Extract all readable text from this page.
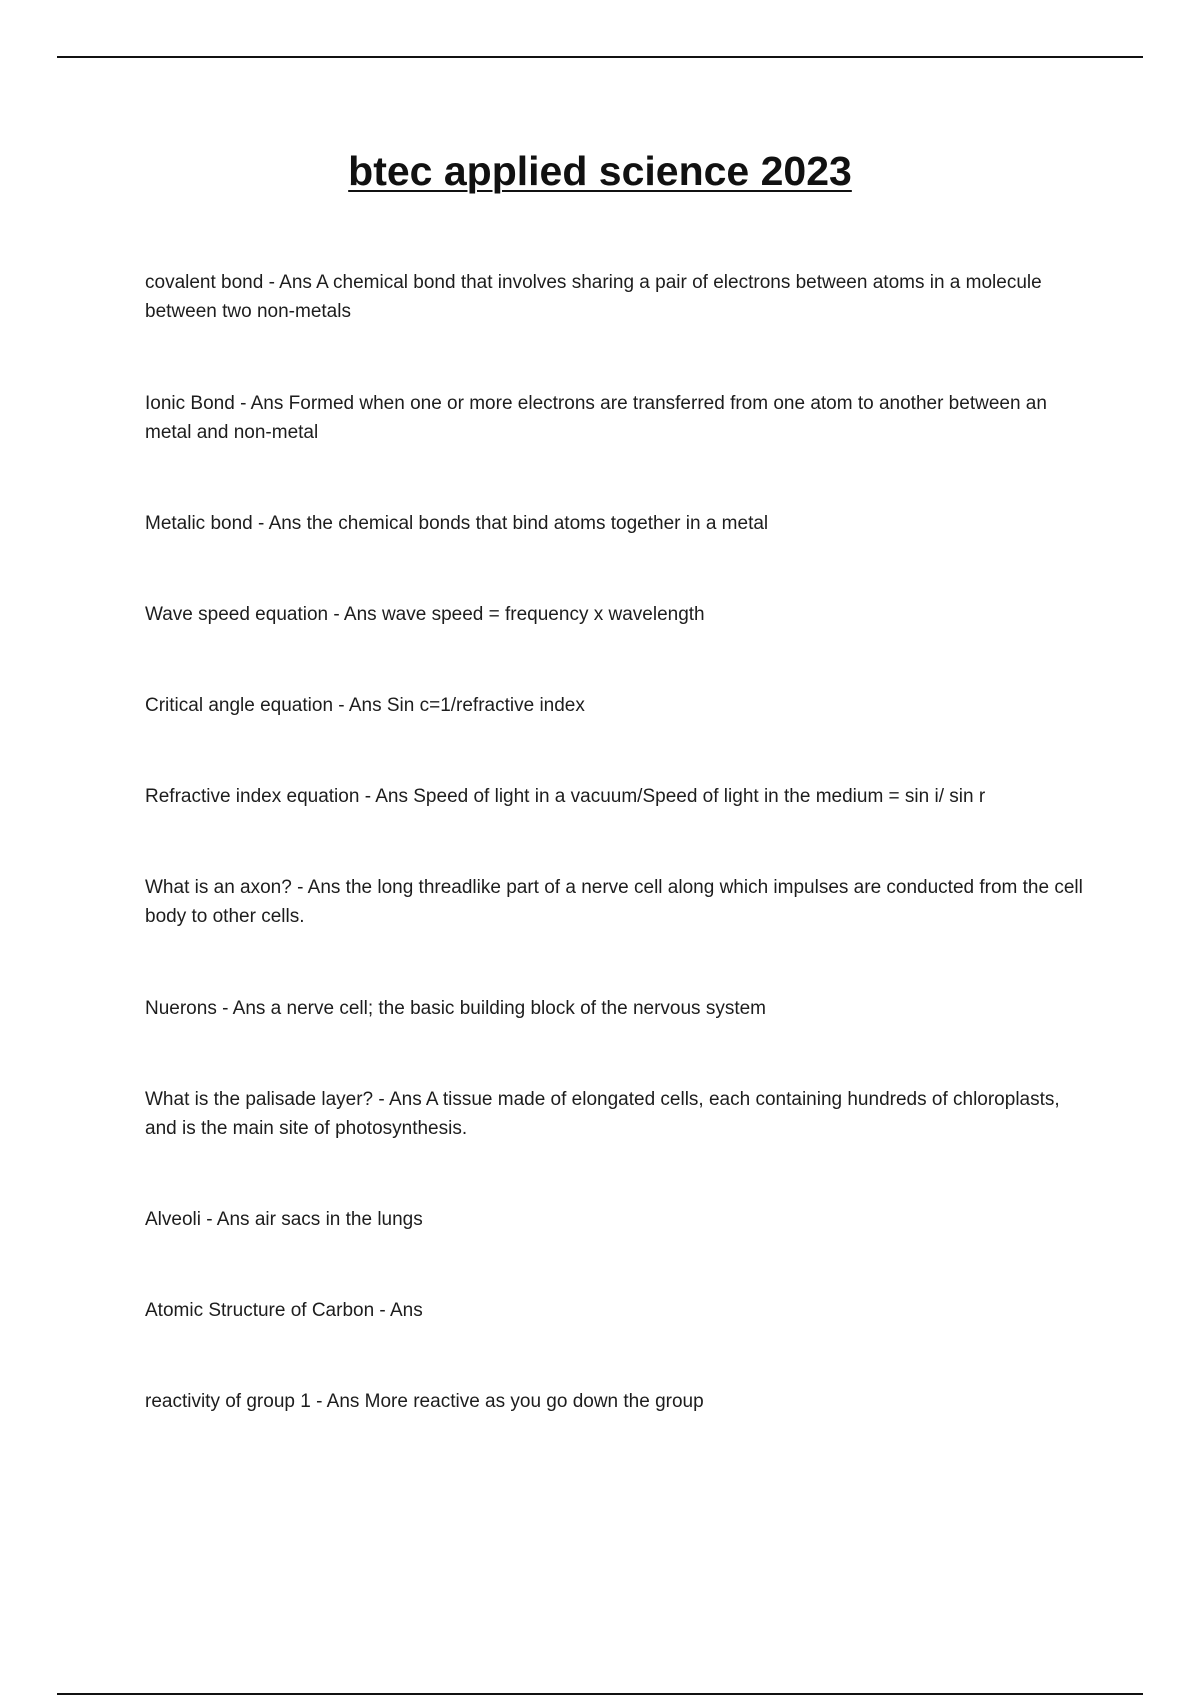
btec applied science 2023

covalent bond - Ans A chemical bond that involves sharing a pair of electrons between atoms in a molecule between two non-metals

Ionic Bond - Ans Formed when one or more electrons are transferred from one atom to another between an metal and non-metal

Metalic bond - Ans the chemical bonds that bind atoms together in a metal

Wave speed equation - Ans wave speed = frequency x wavelength

Critical angle equation - Ans Sin c=1/refractive index

Refractive index equation - Ans Speed of light in a vacuum/Speed of light in the medium = sin i/ sin r

What is an axon? - Ans the long threadlike part of a nerve cell along which impulses are conducted from the cell body to other cells.

Nuerons - Ans a nerve cell; the basic building block of the nervous system

What is the palisade layer? - Ans A tissue made of elongated cells, each containing hundreds of chloroplasts, and is the main site of photosynthesis.

Alveoli - Ans air sacs in the lungs

Atomic Structure of Carbon - Ans

reactivity of group 1 - Ans More reactive as you go down the group
